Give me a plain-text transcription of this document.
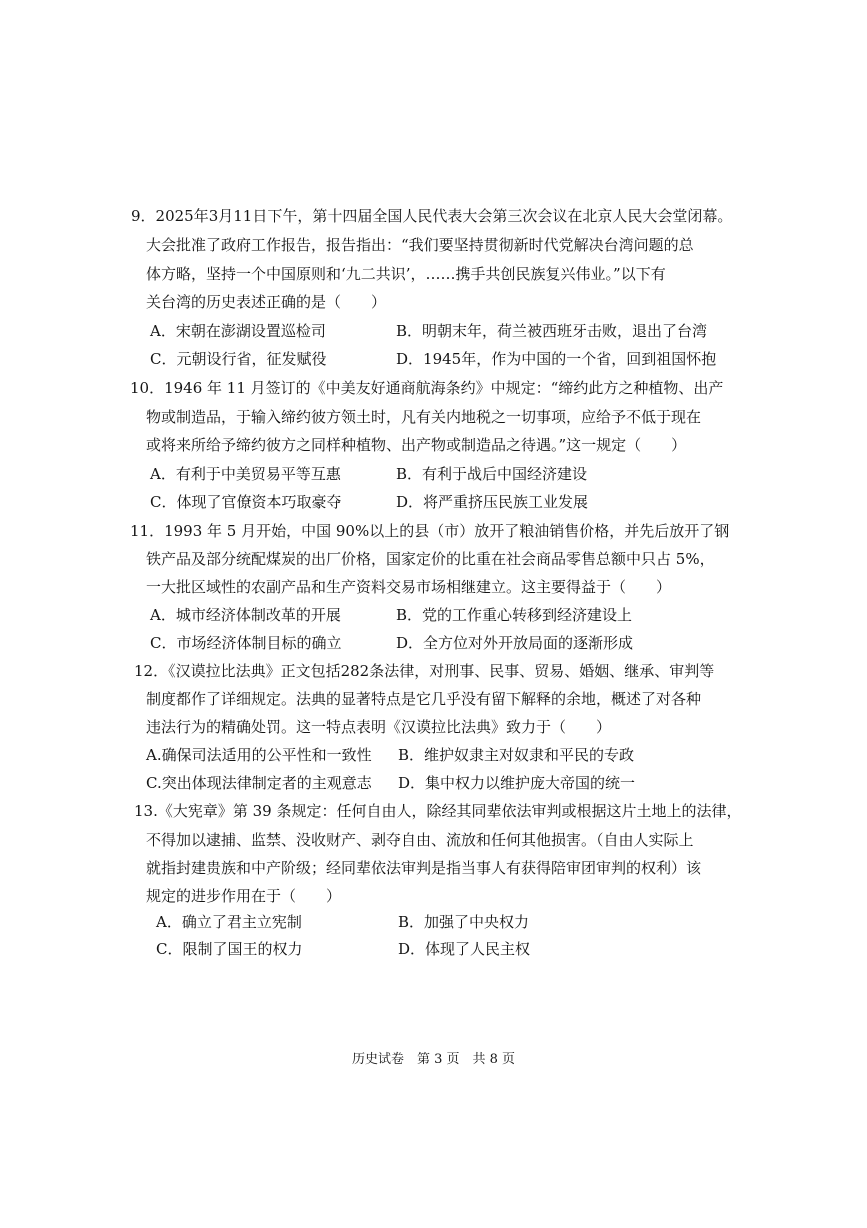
9．2025年3月11日下午，第十四届全国人民代表大会第三次会议在北京人民大会堂闭幕。
大会批准了政府工作报告，报告指出：“我们要坚持贯彻新时代党解决台湾问题的总
体方略，坚持一个中国原则和‘九二共识’，……携手共创民族复兴伟业。”以下有
关台湾的历史表述正确的是（　　）
A．宋朝在澎湖设置巡检司	B．明朝末年，荷兰被西班牙击败，退出了台湾
C．元朝设行省，征发赋役	D．1945年，作为中国的一个省，回到祖国怀抱
10．1946 年 11 月签订的《中美友好通商航海条约》中规定：“缔约此方之种植物、出产
物或制造品，于输入缔约彼方领土时，凡有关内地税之一切事项，应给予不低于现在
或将来所给予缔约彼方之同样种植物、出产物或制造品之待遇。”这一规定（　　）
A．有利于中美贸易平等互惠	B．有利于战后中国经济建设
C．体现了官僚资本巧取豪夺	D．将严重挤压民族工业发展
11．1993 年 5 月开始，中国 90%以上的县（市）放开了粮油销售价格，并先后放开了钢
铁产品及部分统配煤炭的出厂价格，国家定价的比重在社会商品零售总额中只占 5%，
一大批区域性的农副产品和生产资料交易市场相继建立。这主要得益于（　　）
A．城市经济体制改革的开展	B．党的工作重心转移到经济建设上
C．市场经济体制目标的确立	D．全方位对外开放局面的逐渐形成
12．《汉谟拉比法典》正文包括282条法律，对刑事、民事、贸易、婚姻、继承、审判等
制度都作了详细规定。法典的显著特点是它几乎没有留下解释的余地，概述了对各种
违法行为的精确处罚。这一特点表明《汉谟拉比法典》致力于（　　）
A.确保司法适用的公平性和一致性 B．维护奴隶主对奴隶和平民的专政
C.突出体现法律制定者的主观意志 D．集中权力以维护庞大帝国的统一
13.《大宪章》第 39 条规定：任何自由人，除经其同辈依法审判或根据这片土地上的法律，
不得加以逮捕、监禁、没收财产、剥夺自由、流放和任何其他损害。（自由人实际上
就指封建贵族和中产阶级；经同辈依法审判是指当事人有获得陪审团审判的权利）该
规定的进步作用在于（　　）
A．确立了君主立宪制	B．加强了中央权力
C．限制了国王的权力	D．体现了人民主权
历史试卷　第 3 页　共 8 页
